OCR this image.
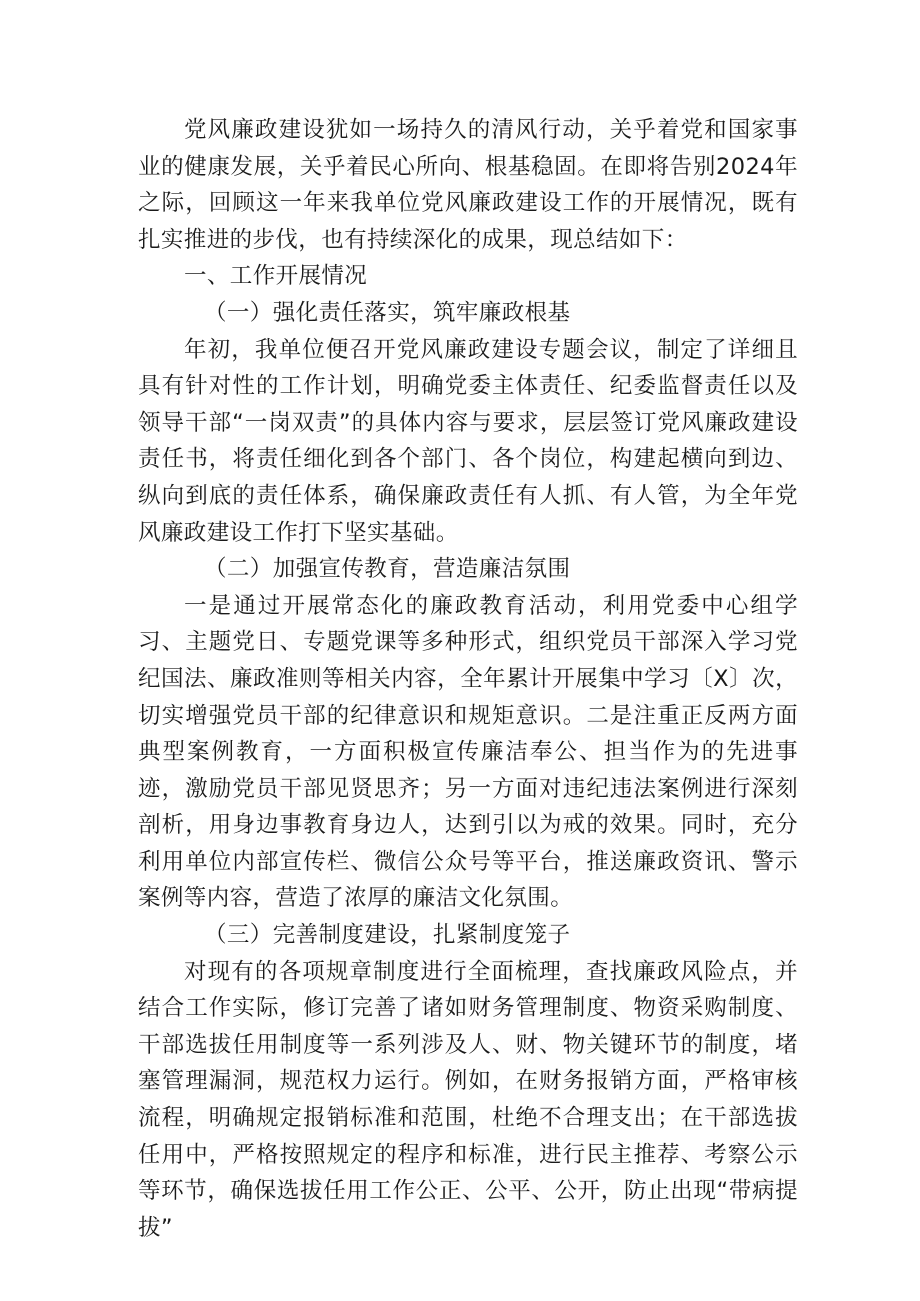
党风廉政建设犹如一场持久的清风行动，关乎着党和国家事业的健康发展，关乎着民心所向、根基稳固。在即将告别2024年之际，回顾这一年来我单位党风廉政建设工作的开展情况，既有扎实推进的步伐，也有持续深化的成果，现总结如下：

一、工作开展情况

（一）强化责任落实，筑牢廉政根基

年初，我单位便召开党风廉政建设专题会议，制定了详细且具有针对性的工作计划，明确党委主体责任、纪委监督责任以及领导干部“一岗双责”的具体内容与要求，层层签订党风廉政建设责任书，将责任细化到各个部门、各个岗位，构建起横向到边、纵向到底的责任体系，确保廉政责任有人抓、有人管，为全年党风廉政建设工作打下坚实基础。

（二）加强宣传教育，营造廉洁氛围

一是通过开展常态化的廉政教育活动，利用党委中心组学习、主题党日、专题党课等多种形式，组织党员干部深入学习党纪国法、廉政准则等相关内容，全年累计开展集中学习〔X〕次，切实增强党员干部的纪律意识和规矩意识。二是注重正反两方面典型案例教育，一方面积极宣传廉洁奉公、担当作为的先进事迹，激励党员干部见贤思齐；另一方面对违纪违法案例进行深刻剖析，用身边事教育身边人，达到引以为戒的效果。同时，充分利用单位内部宣传栏、微信公众号等平台，推送廉政资讯、警示案例等内容，营造了浓厚的廉洁文化氛围。

（三）完善制度建设，扎紧制度笼子

对现有的各项规章制度进行全面梳理，查找廉政风险点，并结合工作实际，修订完善了诸如财务管理制度、物资采购制度、干部选拔任用制度等一系列涉及人、财、物关键环节的制度，堵塞管理漏洞，规范权力运行。例如，在财务报销方面，严格审核流程，明确规定报销标准和范围，杜绝不合理支出；在干部选拔任用中，严格按照规定的程序和标准，进行民主推荐、考察公示等环节，确保选拔任用工作公正、公平、公开，防止出现“带病提拔”
